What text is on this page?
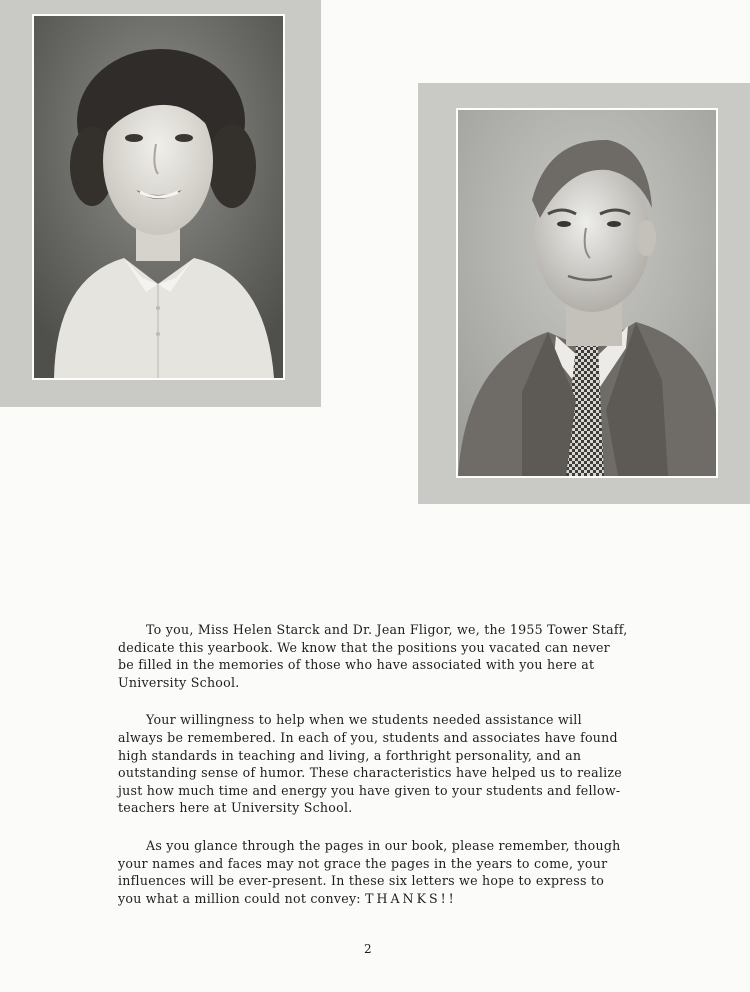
To you, Miss Helen Starck and Dr. Jean Fligor, we, the 1955 Tower Staff, dedicate this yearbook. We know that the positions you vacated can never be filled in the memories of those who have associated with you here at University School.

Your willingness to help when we students needed assistance will always be remembered. In each of you, students and associates have found high standards in teaching and living, a forthright personality, and an outstanding sense of humor. These characteristics have helped us to realize just how much time and energy you have given to your students and fellow-teachers here at University School.

As you glance through the pages in our book, please remember, though your names and faces may not grace the pages in the years to come, your influences will be ever-present. In these six letters we hope to express to you what a million could not convey: THANKS!!

2
